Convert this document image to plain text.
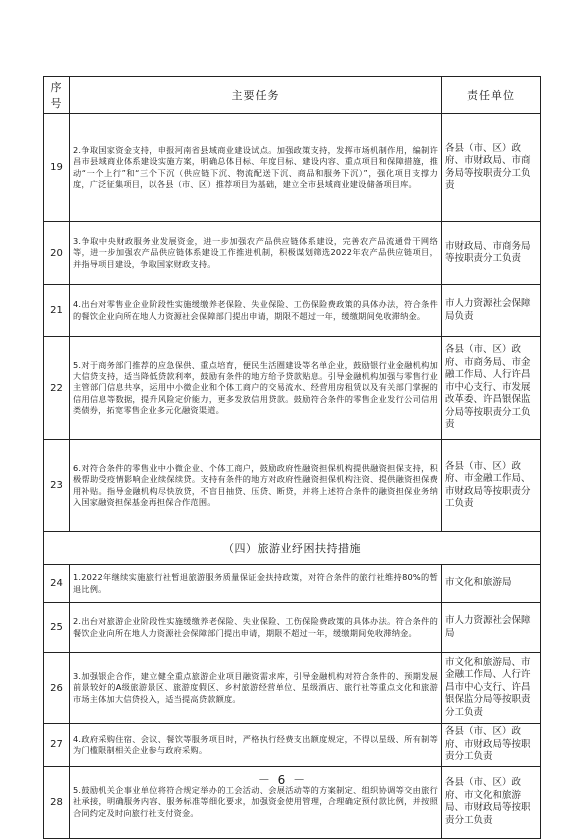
序号	主要任务	责任单位
19	2.争取国家资金支持，申报河南省县域商业建设试点。加强政策支持，发挥市场机制作用，编制许昌市县域商业体系建设实施方案，明确总体目标、年度目标、建设内容、重点项目和保障措施，推动“一个上行”和“三个下沉（供应链下沉、物流配送下沉、商品和服务下沉）”，强化项目支撑力度，广泛征集项目，以各县（市、区）推荐项目为基础，建立全市县域商业建设储备项目库。	各县（市、区）政府、市财政局、市商务局等按职责分工负责
20	3.争取中央财政服务业发展资金，进一步加强农产品供应链体系建设，完善农产品流通骨干网络等，进一步加强农产品供应链体系建设工作推进机制，积极谋划筛选2022年农产品供应链项目，并指导项目建设，争取国家财政支持。	市财政局、市商务局等按职责分工负责
21	4.出台对零售业企业阶段性实施缓缴养老保险、失业保险、工伤保险费政策的具体办法，符合条件的餐饮企业向所在地人力资源社会保障部门提出申请，期限不超过一年，缓缴期间免收滞纳金。	市人力资源社会保障局负责
22	5.对于商务部门推荐的应急保供、重点培育，便民生活圈建设等名单企业，鼓励银行业金融机构加大信贷支持，适当降低贷款利率，鼓励有条件的地方给予贷款贴息。引导金融机构加强与零售行业主管部门信息共享，运用中小微企业和个体工商户的交易流水、经营用房租赁以及有关部门掌握的信用信息等数据，提升风险定价能力，更多发放信用贷款。鼓励符合条件的零售企业发行公司信用类债券，拓宽零售企业多元化融资渠道。	各县（市、区）政府、市商务局、市金融工作局、人行许昌市中心支行、市发展改革委、许昌银保监分局等按职责分工负责
23	6.对符合条件的零售业中小微企业、个体工商户，鼓励政府性融资担保机构提供融资担保支持，积极帮助受疫情影响企业续保续贷。支持有条件的地方对政府性融资担保机构注资、提供融资担保费用补贴。指导金融机构尽快放贷，不盲目抽贷、压贷、断贷，并将上述符合条件的融资担保业务纳入国家融资担保基金再担保合作范围。	各县（市、区）政府、市金融工作局、市财政局等按职责分工负责
（四）旅游业纾困扶持措施		
24	1.2022年继续实施旅行社暂退旅游服务质量保证金扶持政策，对符合条件的旅行社维持80%的暂退比例。	市文化和旅游局
25	2.出台对旅游企业阶段性实施缓缴养老保险、失业保险、工伤保险费政策的具体办法。符合条件的餐饮企业向所在地人力资源社会保障部门提出申请，期限不超过一年，缓缴期间免收滞纳金。	市人力资源社会保障局
26	3.加强银企合作，建立健全重点旅游企业项目融资需求库，引导金融机构对符合条件的、预期发展前景较好的A级旅游景区、旅游度假区、乡村旅游经营单位、星级酒店、旅行社等重点文化和旅游市场主体加大信贷投入，适当提高贷款额度。	市文化和旅游局、市金融工作局、人行许昌市中心支行、许昌银保监分局等按职责分工负责
27	4.政府采购住宿、会议、餐饮等服务项目时，严格执行经费支出额度规定，不得以星级、所有制等为门槛限制相关企业参与政府采购。	各县（市、区）政府、市财政局等按职责分工负责
28	5.鼓励机关企事业单位将符合规定举办的工会活动、会展活动等的方案制定、组织协调等交由旅行社承接，明确服务内容、服务标准等细化要求，加强资金使用管理，合理确定预付款比例，并按照合同约定及时向旅行社支付资金。	各县（市、区）政府、市文化和旅游局、市财政局等按职责分工负责
－ 6 －
